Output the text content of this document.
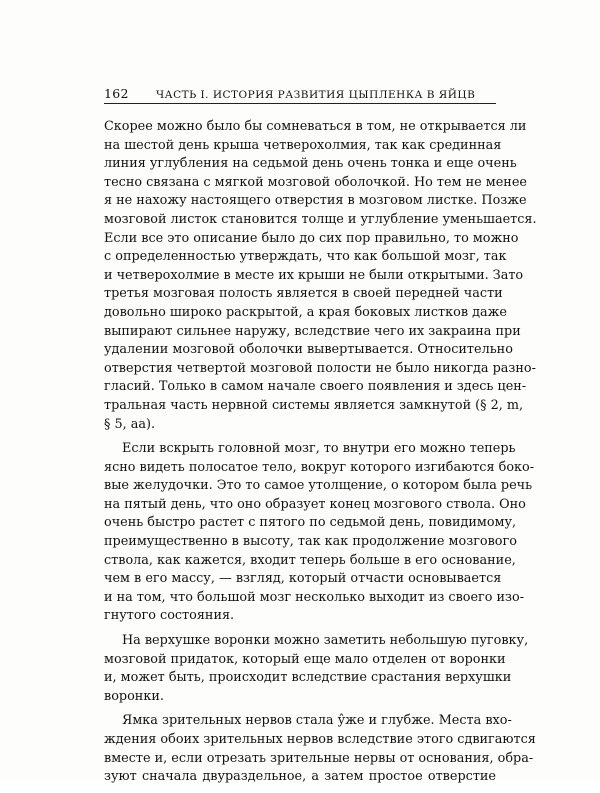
162	ЧАСТЬ I. ИСТОРИЯ РАЗВИТИЯ ЦЫПЛЕНКА В ЯЙЦВ
Скорее можно было бы сомневаться в том, не открывается ли
на шестой день крыша четверохолмия, так как срединная
линия углубления на седьмой день очень тонка и еще очень
тесно связана с мягкой мозговой оболочкой. Но тем не менее
я не нахожу настоящего отверстия в мозговом листке. Позже
мозговой листок становится толще и углубление уменьшается.
Если все это описание было до сих пор правильно, то можно
с определенностью утверждать, что как большой мозг, так
и четверохолмие в месте их крыши не были открытыми. Зато
третья мозговая полость является в своей передней части
довольно широко раскрытой, а края боковых листков даже
выпирают сильнее наружу, вследствие чего их закраина при
удалении мозговой оболочки вывертывается. Относительно
отверстия четвертой мозговой полости не было никогда разно-
гласий. Только в самом начале своего появления и здесь цен-
тральная часть нервной системы является замкнутой (§ 2, m,
§ 5, aa).
Если вскрыть головной мозг, то внутри его можно теперь
ясно видеть полосатое тело, вокруг которого изгибаются боко-
вые желудочки. Это то самое утолщение, о котором была речь
на пятый день, что оно образует конец мозгового ствола. Оно
очень быстро растет с пятого по седьмой день, повидимому,
преимущественно в высоту, так как продолжение мозгового
ствола, как кажется, входит теперь больше в его основание,
чем в его массу, — взгляд, который отчасти основывается
и на том, что большой мозг несколько выходит из своего изо-
гнутого состояния.
На верхушке воронки можно заметить небольшую пуговку,
мозговой придаток, который еще мало отделен от воронки
и, может быть, происходит вследствие срастания верхушки
воронки.
Ямка зрительных нервов стала у̂же и глубже. Места вхо-
ждения обоих зрительных нервов вследствие этого сдвигаются
вместе и, если отрезать зрительные нервы от основания, обра-
зуют сначала двураздельное, а затем простое отверстие
